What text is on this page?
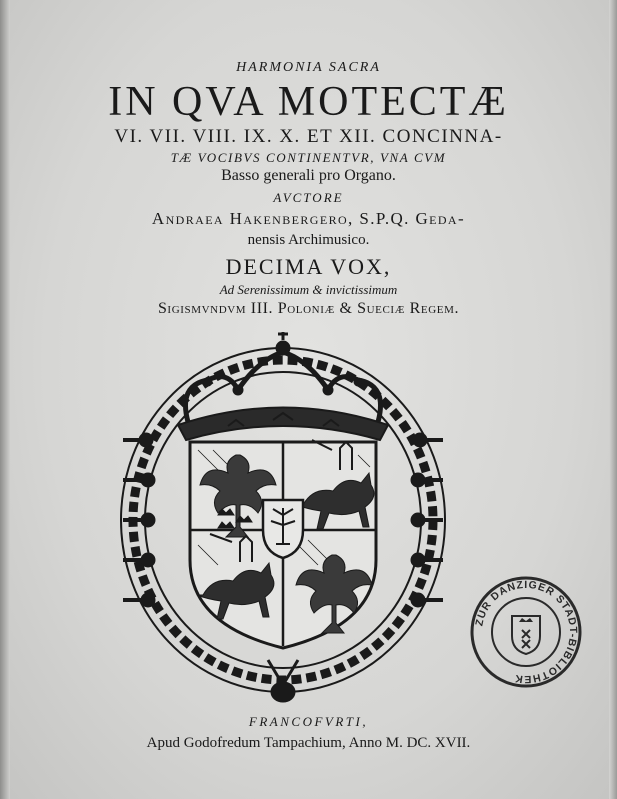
HARMONIA SACRA
IN QVA MOTECTÆ
VI. VII. VIII. IX. X. ET XII. CONCINNA-
TÆ VOCIBVS CONTINENTVR, VNA CVM
Basso generali pro Organo.
AVCTORE
Andraea Hakenbergero, S.P.Q. Geda-
nensis Archimusico.
DECIMA VOX,
Ad Serenissimum & invictissimum
Sigismvndvm III. Poloniæ & Sueciæ Regem.
ZUR DANZIGER STADT-BIBLIOTHEK
FRANCOFVRTI,
Apud Godofredum Tampachium, Anno M. DC. XVII.
